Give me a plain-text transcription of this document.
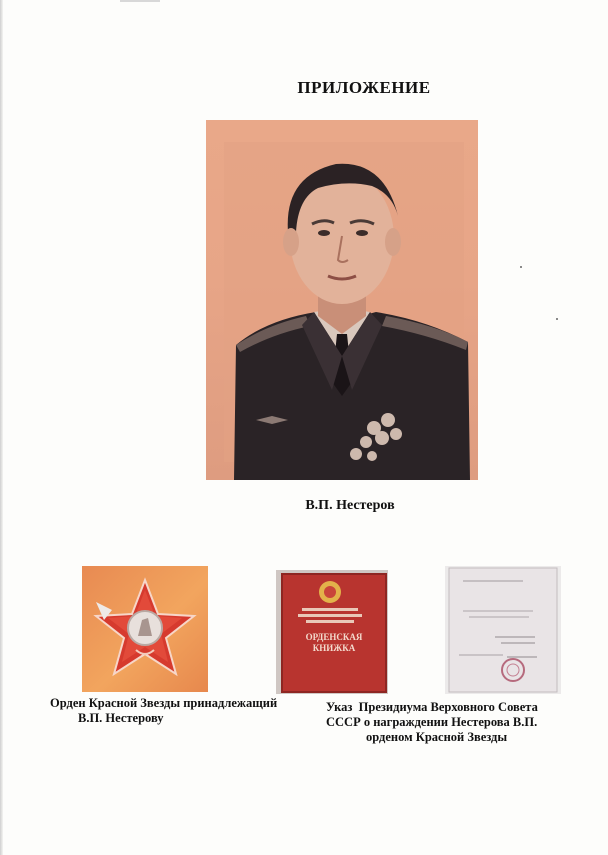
ПРИЛОЖЕНИЕ
В.П. Нестеров
ОРДЕНСКАЯ
КНИЖКА
Орден Красной Звезды принадлежащий
В.П. Нестерову
Указ  Президиума Верховного Совета
СССР о награждении Нестерова В.П.
орденом Красной Звезды
